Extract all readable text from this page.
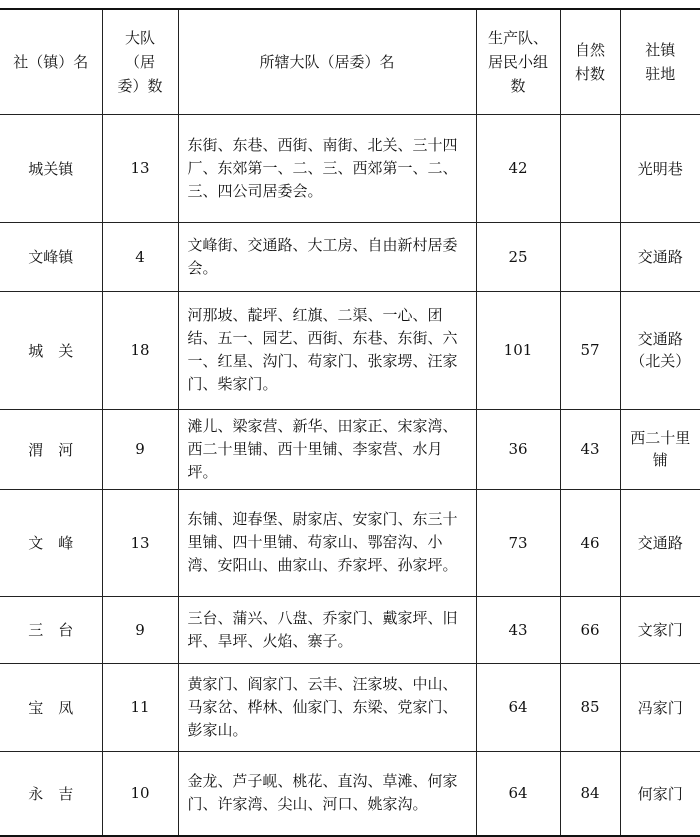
社（镇）名	大队（居委）数	所辖大队（居委）名	生产队、居民小组 数	自然村数	社镇驻地
城关镇	13	东街、东巷、西街、南街、北关、三十四厂、东郊第一、二、三、西郊第一、二、三、四公司居委会。	42		光明巷
文峰镇	4	文峰街、交通路、大工房、自由新村居委会。	25		交通路
城　关	18	河那坡、靛坪、红旗、二渠、一心、团结、五一、园艺、西街、东巷、东街、六一、红星、沟门、苟家门、张家塄、汪家门、柴家门。	101	57	交通路（北关）
渭　河	9	滩儿、梁家营、新华、田家正、宋家湾、西二十里铺、西十里铺、李家营、水月坪。	36	43	西二十里铺
文　峰	13	东铺、迎春堡、尉家店、安家门、东三十里铺、四十里铺、苟家山、鄂窑沟、小湾、安阳山、曲家山、乔家坪、孙家坪。	73	46	交通路
三　台	9	三台、蒲兴、八盘、乔家门、戴家坪、旧坪、旱坪、火焰、寨子。	43	66	文家门
宝　凤	11	黄家门、阎家门、云丰、汪家坡、中山、马家岔、桦林、仙家门、东梁、党家门、彭家山。	64	85	冯家门
永　吉	10	金龙、芦子岘、桃花、直沟、草滩、何家门、许家湾、尖山、河口、姚家沟。	64	84	何家门
